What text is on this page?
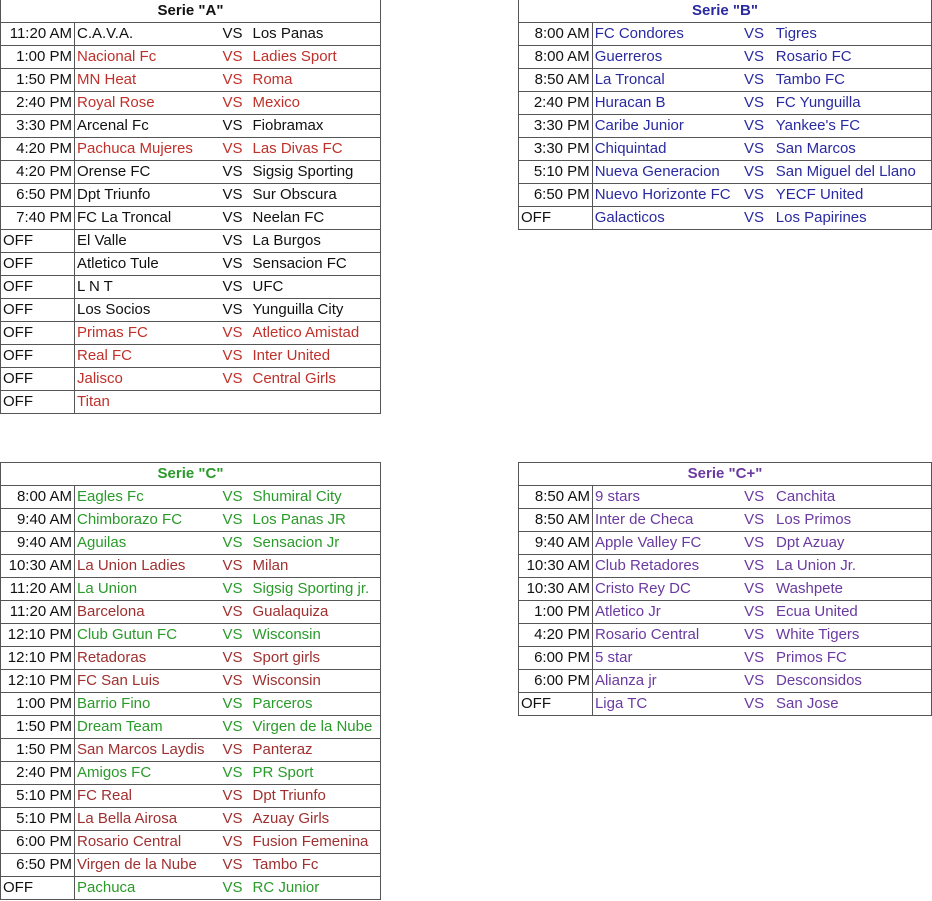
Serie "A"			
11:20 AM	C.A.V.A.	VS	Los Panas
1:00 PM	Nacional Fc	VS	Ladies Sport
1:50 PM	MN Heat	VS	Roma
2:40 PM	Royal Rose	VS	Mexico
3:30 PM	Arcenal Fc	VS	Fiobramax
4:20 PM	Pachuca Mujeres	VS	Las Divas FC
4:20 PM	Orense FC	VS	Sigsig Sporting
6:50 PM	Dpt Triunfo	VS	Sur Obscura
7:40 PM	FC La Troncal	VS	Neelan FC
OFF	El Valle	VS	La Burgos
OFF	Atletico Tule	VS	Sensacion FC
OFF	L N T	VS	UFC
OFF	Los Socios	VS	Yunguilla City
OFF	Primas FC	VS	Atletico Amistad
OFF	Real FC	VS	Inter United
OFF	Jalisco	VS	Central Girls
OFF	Titan		
Serie "B"			
8:00 AM	FC Condores	VS	Tigres
8:00 AM	Guerreros	VS	Rosario FC
8:50 AM	La Troncal	VS	Tambo FC
2:40 PM	Huracan B	VS	FC Yunguilla
3:30 PM	Caribe Junior	VS	Yankee's FC
3:30 PM	Chiquintad	VS	San Marcos
5:10 PM	Nueva Generacion	VS	San Miguel del Llano
6:50 PM	Nuevo Horizonte FC	VS	YECF United
OFF	Galacticos	VS	Los Papirines
Serie "C"			
8:00 AM	Eagles Fc	VS	Shumiral City
9:40 AM	Chimborazo FC	VS	Los Panas JR
9:40 AM	Aguilas	VS	Sensacion Jr
10:30 AM	La Union Ladies	VS	Milan
11:20 AM	La Union	VS	Sigsig Sporting jr.
11:20 AM	Barcelona	VS	Gualaquiza
12:10 PM	Club Gutun FC	VS	Wisconsin
12:10 PM	Retadoras	VS	Sport girls
12:10 PM	FC San Luis	VS	Wisconsin
1:00 PM	Barrio Fino	VS	Parceros
1:50 PM	Dream Team	VS	Virgen de la Nube
1:50 PM	San Marcos Laydis	VS	Panteraz
2:40 PM	Amigos FC	VS	PR Sport
5:10 PM	FC Real	VS	Dpt Triunfo
5:10 PM	La Bella Airosa	VS	Azuay Girls
6:00 PM	Rosario Central	VS	Fusion Femenina
6:50 PM	Virgen de la Nube	VS	Tambo Fc
OFF	Pachuca	VS	RC Junior
Serie "C+"			
8:50 AM	9 stars	VS	Canchita
8:50 AM	Inter de Checa	VS	Los Primos
9:40 AM	Apple Valley FC	VS	Dpt Azuay
10:30 AM	Club Retadores	VS	La Union Jr.
10:30 AM	Cristo Rey DC	VS	Washpete
1:00 PM	Atletico Jr	VS	Ecua United
4:20 PM	Rosario Central	VS	White Tigers
6:00 PM	5 star	VS	Primos FC
6:00 PM	Alianza jr	VS	Desconsidos
OFF	Liga TC	VS	San Jose
